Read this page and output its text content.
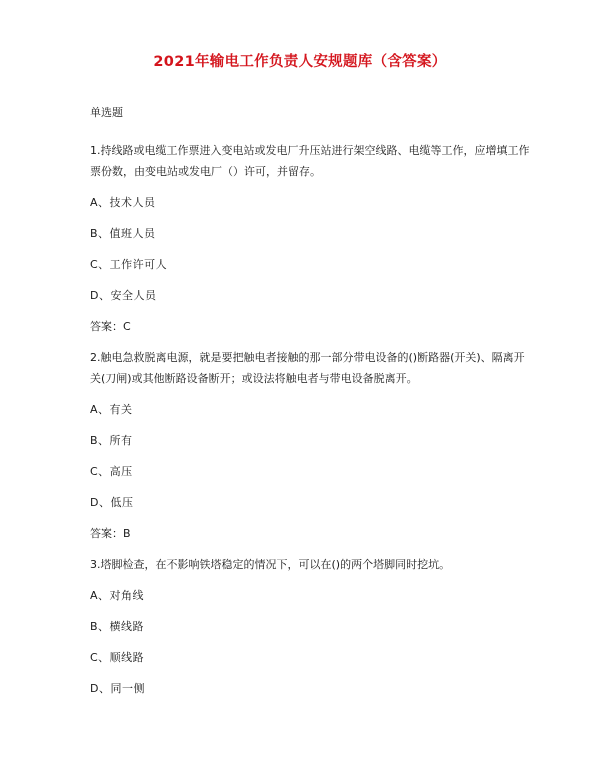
2021年输电工作负责人安规题库（含答案）
单选题
1.持线路或电缆工作票进入变电站或发电厂升压站进行架空线路、电缆等工作，应增填工作票份数，由变电站或发电厂（）许可，并留存。
A、技术人员
B、值班人员
C、工作许可人
D、安全人员
答案：C
2.触电急救脱离电源，就是要把触电者接触的那一部分带电设备的()断路器(开关)、隔离开关(刀闸)或其他断路设备断开；或设法将触电者与带电设备脱离开。
A、有关
B、所有
C、高压
D、低压
答案：B
3.塔脚检查，在不影响铁塔稳定的情况下，可以在()的两个塔脚同时挖坑。
A、对角线
B、横线路
C、顺线路
D、同一侧
